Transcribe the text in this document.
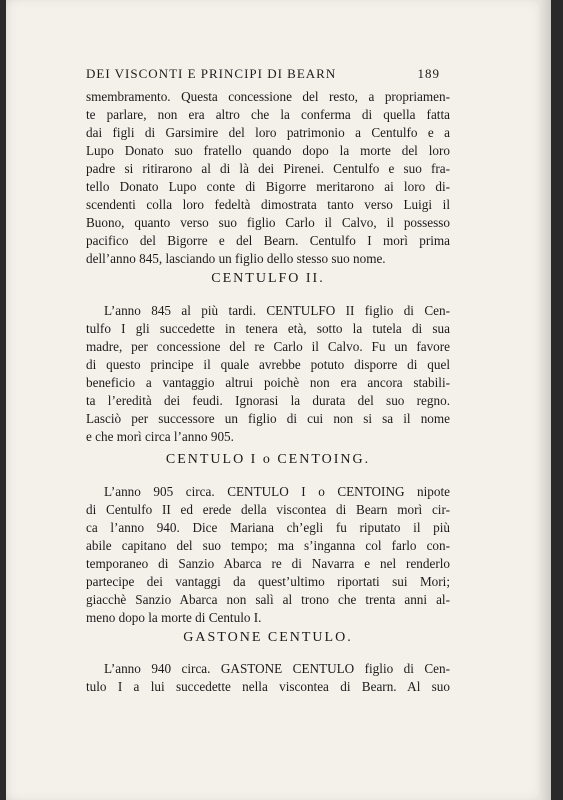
DEI VISCONTI E PRINCIPI DI BEARN	189
smembramento. Questa concessione del resto, a propriamen-
te parlare, non era altro che la conferma di quella fatta
dai figli di Garsimire del loro patrimonio a Centulfo e a
Lupo Donato suo fratello quando dopo la morte del loro
padre si ritirarono al di là dei Pirenei. Centulfo e suo fra-
tello Donato Lupo conte di Bigorre meritarono ai loro di-
scendenti colla loro fedeltà dimostrata tanto verso Luigi il
Buono, quanto verso suo figlio Carlo il Calvo, il possesso
pacifico del Bigorre e del Bearn. Centulfo I morì prima
dell’anno 845, lasciando un figlio dello stesso suo nome.
CENTULFO II.
L’anno 845 al più tardi. CENTULFO II figlio di Cen-
tulfo I gli succedette in tenera età, sotto la tutela di sua
madre, per concessione del re Carlo il Calvo. Fu un favore
di questo principe il quale avrebbe potuto disporre di quel
beneficio a vantaggio altrui poichè non era ancora stabili-
ta l’eredità dei feudi. Ignorasi la durata del suo regno.
Lasciò per successore un figlio di cui non si sa il nome
e che morì circa l’anno 905.
CENTULO I o CENTOING.
L’anno 905 circa. CENTULO I o CENTOING nipote
di Centulfo II ed erede della viscontea di Bearn morì cir-
ca l’anno 940. Dice Mariana ch’egli fu riputato il più
abile capitano del suo tempo; ma s’inganna col farlo con-
temporaneo di Sanzio Abarca re di Navarra e nel renderlo
partecipe dei vantaggi da quest’ultimo riportati sui Mori;
giacchè Sanzio Abarca non salì al trono che trenta anni al-
meno dopo la morte di Centulo I.
GASTONE CENTULO.
L’anno 940 circa. GASTONE CENTULO figlio di Cen-
tulo I a lui succedette nella viscontea di Bearn. Al suo
